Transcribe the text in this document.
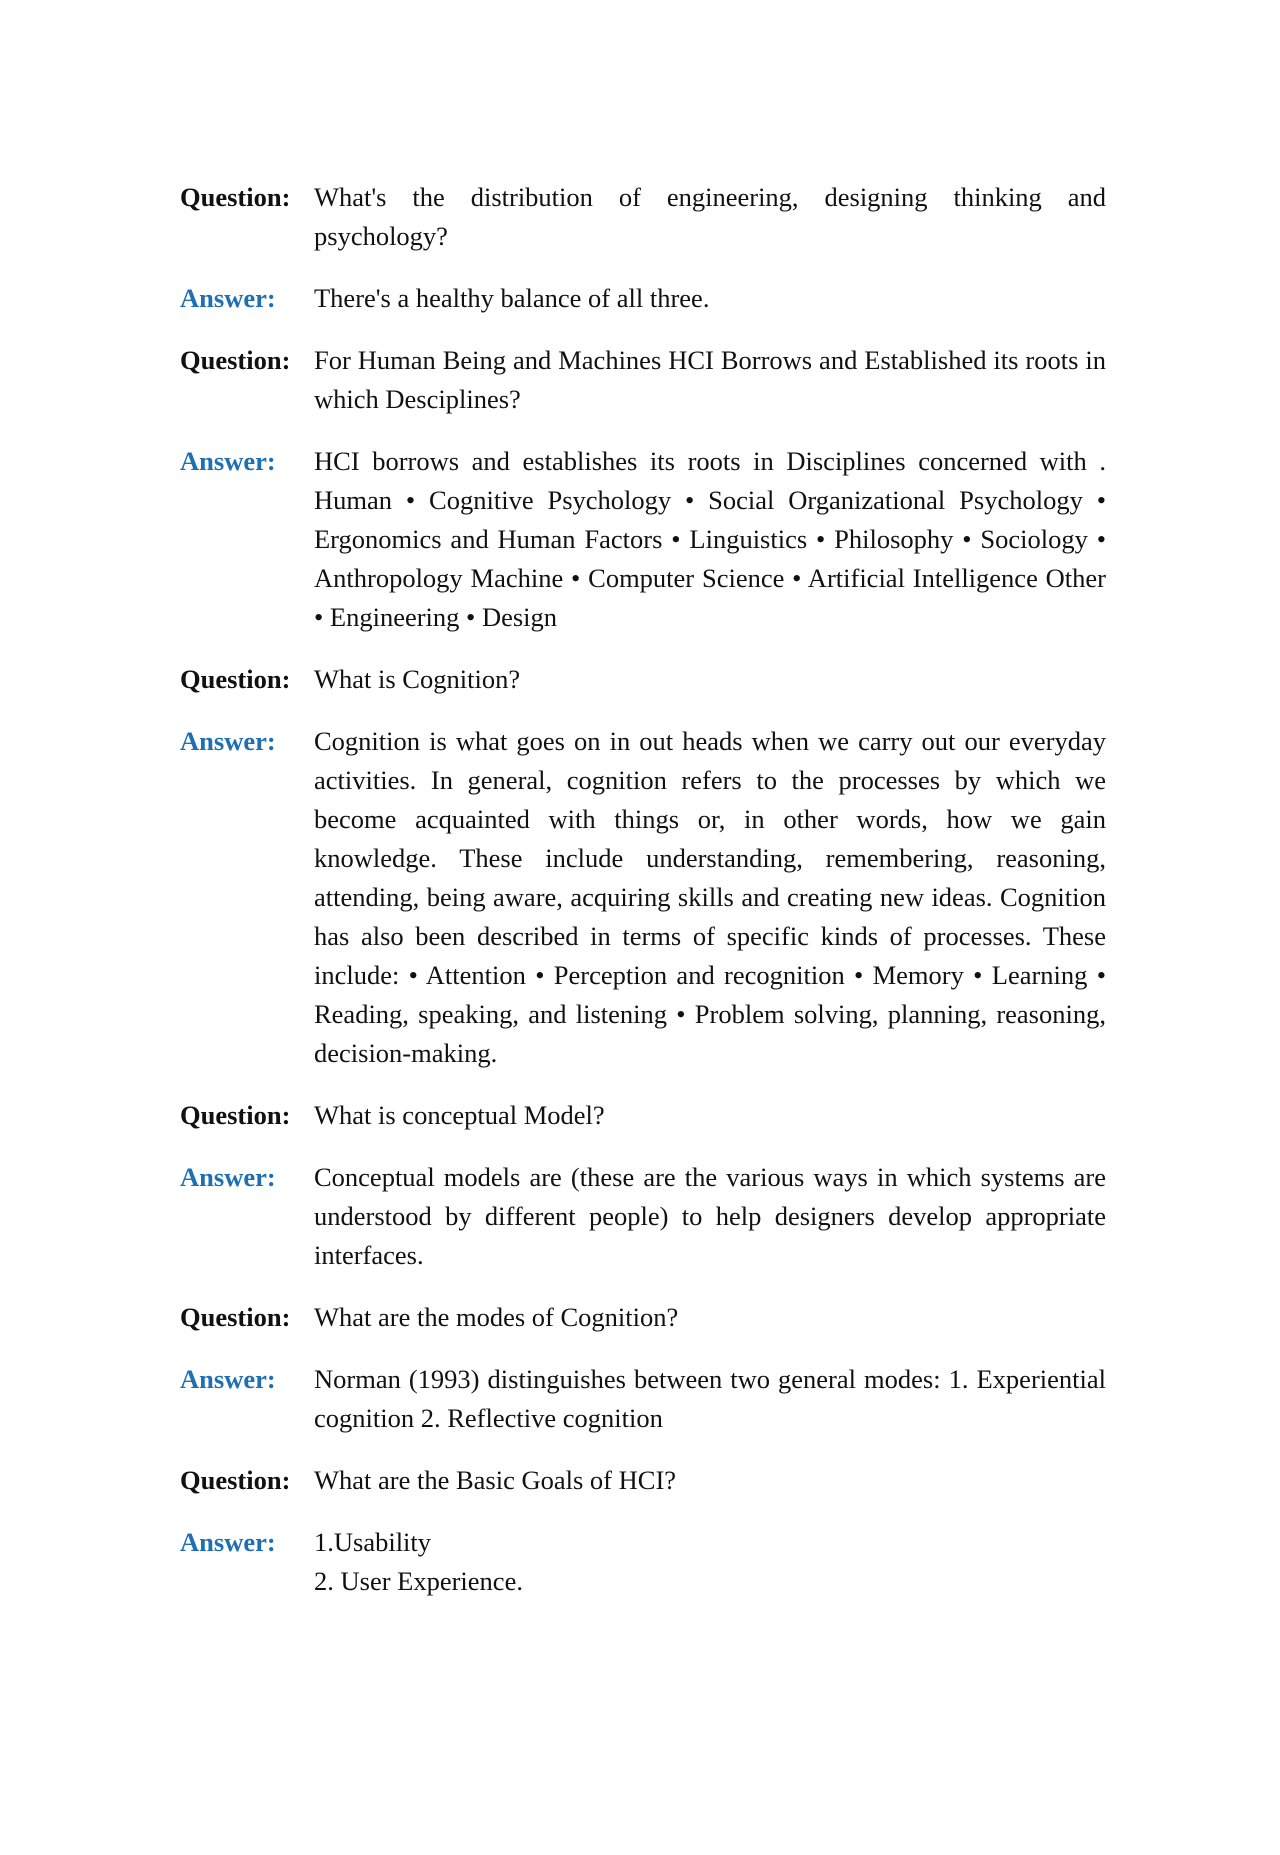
Question: What's the distribution of engineering, designing thinking and psychology?
Answer:	There's a healthy balance of all three.
Question: For Human Being and Machines HCI Borrows and Established its roots in which Desciplines?
Answer:	HCI borrows and establishes its roots in Disciplines concerned with . Human • Cognitive Psychology • Social Organizational Psychology • Ergonomics and Human Factors • Linguistics • Philosophy • Sociology • Anthropology Machine • Computer Science • Artificial Intelligence Other • Engineering • Design
Question: What is Cognition?
Answer:	Cognition is what goes on in out heads when we carry out our everyday activities. In general, cognition refers to the processes by which we become acquainted with things or, in other words, how we gain knowledge. These include understanding, remembering, reasoning, attending, being aware, acquiring skills and creating new ideas. Cognition has also been described in terms of specific kinds of processes. These include: • Attention • Perception and recognition • Memory • Learning • Reading, speaking, and listening • Problem solving, planning, reasoning, decision-making.
Question: What is conceptual Model?
Answer:	Conceptual models are (these are the various ways in which systems are understood by different people) to help designers develop appropriate interfaces.
Question: What are the modes of Cognition?
Answer:	Norman (1993) distinguishes between two general modes: 1. Experiential cognition 2. Reflective cognition
Question: What are the Basic Goals of HCI?
Answer:	1.Usability
2. User Experience.
